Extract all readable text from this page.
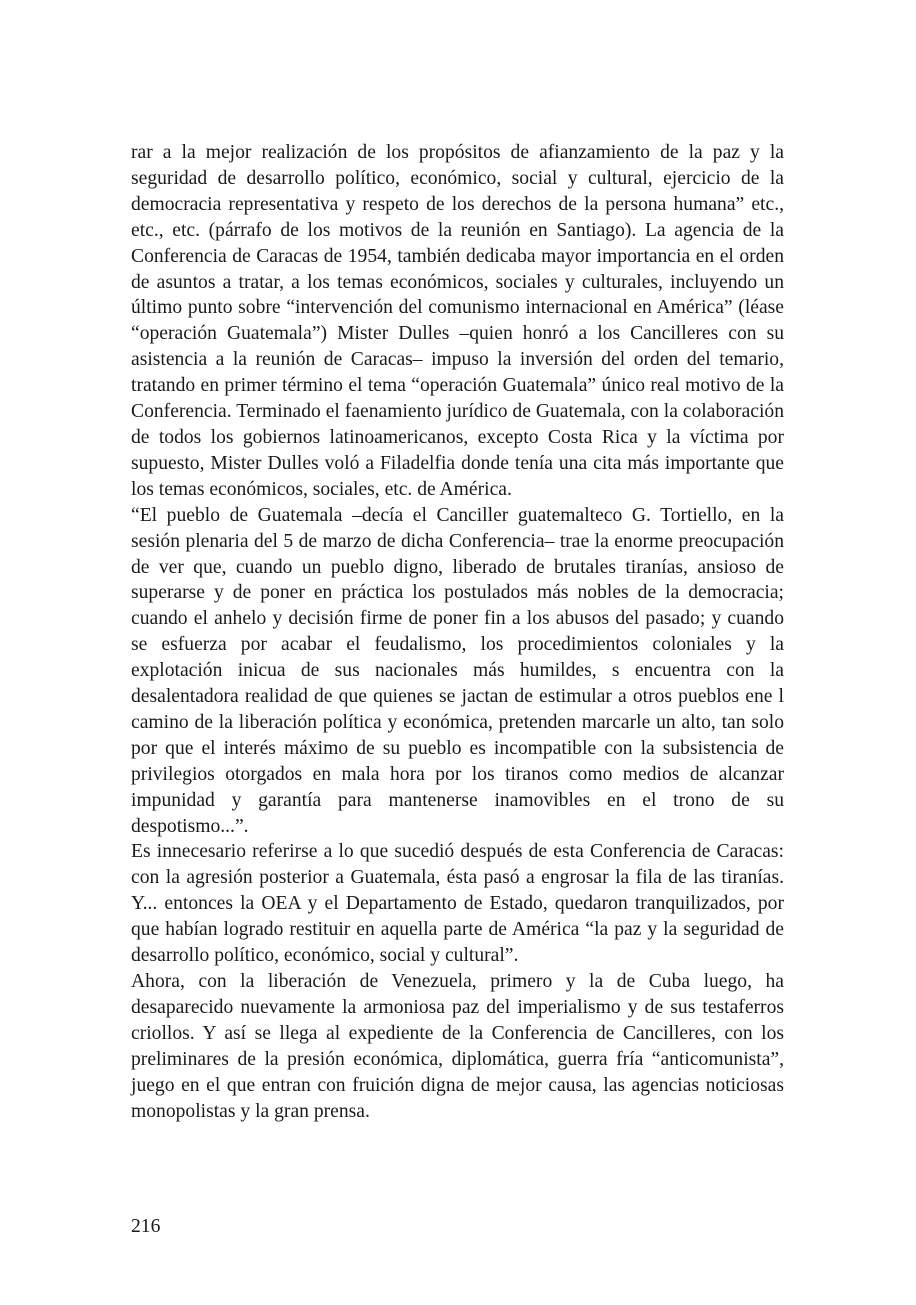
rar a la mejor realización de los propósitos de afianzamiento de la paz y la seguridad de desarrollo político, económico, social y cultural, ejercicio de la democracia representativa y respeto de los derechos de la persona humana” etc., etc., etc. (párrafo de los motivos de la reunión en Santiago). La agencia de la Conferencia de Caracas de 1954, también dedicaba mayor importancia en el orden de asuntos a tratar, a los temas económicos, sociales y culturales, incluyendo un último punto sobre “intervención del comunismo internacional en América” (léase “operación Guatemala”) Mister Dulles –quien honró a los Cancilleres con su asistencia a la reunión de Caracas– impuso la inversión del orden del temario, tratando en primer término el tema “operación Guatemala” único real motivo de la Conferencia. Terminado el faenamiento jurídico de Guatemala, con la colaboración de todos los gobiernos latinoamericanos, excepto Costa Rica y la víctima por supuesto, Mister Dulles voló a Filadelfia donde tenía una cita más importante que los temas económicos, sociales, etc. de América.

“El pueblo de Guatemala –decía el Canciller guatemalteco G. Tortiello, en la sesión plenaria del 5 de marzo de dicha Conferencia– trae la enorme preocupación de ver que, cuando un pueblo digno, liberado de brutales tiranías, ansioso de superarse y de poner en práctica los postulados más nobles de la democracia; cuando el anhelo y decisión firme de poner fin a los abusos del pasado; y cuando se esfuerza por acabar el feudalismo, los procedimientos coloniales y la explotación inicua de sus nacionales más humildes, s encuentra con la desalentadora realidad de que quienes se jactan de estimular a otros pueblos ene l camino de la liberación política y económica, pretenden marcarle un alto, tan solo por que el interés máximo de su pueblo es incompatible con la subsistencia de privilegios otorgados en mala hora por los tiranos como medios de alcanzar impunidad y garantía para mantenerse inamovibles en el trono de su despotismo...”.

Es innecesario referirse a lo que sucedió después de esta Conferencia de Caracas: con la agresión posterior a Guatemala, ésta pasó a engrosar la fila de las tiranías. Y... entonces la OEA y el Departamento de Estado, quedaron tranquilizados, por que habían logrado restituir en aquella parte de América “la paz y la seguridad de desarrollo político, económico, social y cultural”.

Ahora, con la liberación de Venezuela, primero y la de Cuba luego, ha desaparecido nuevamente la armoniosa paz del imperialismo y de sus testaferros criollos. Y así se llega al expediente de la Conferencia de Cancilleres, con los preliminares de la presión económica, diplomática, guerra fría “anticomunista”, juego en el que entran con fruición digna de mejor causa, las agencias noticiosas monopolistas y la gran prensa.

216
